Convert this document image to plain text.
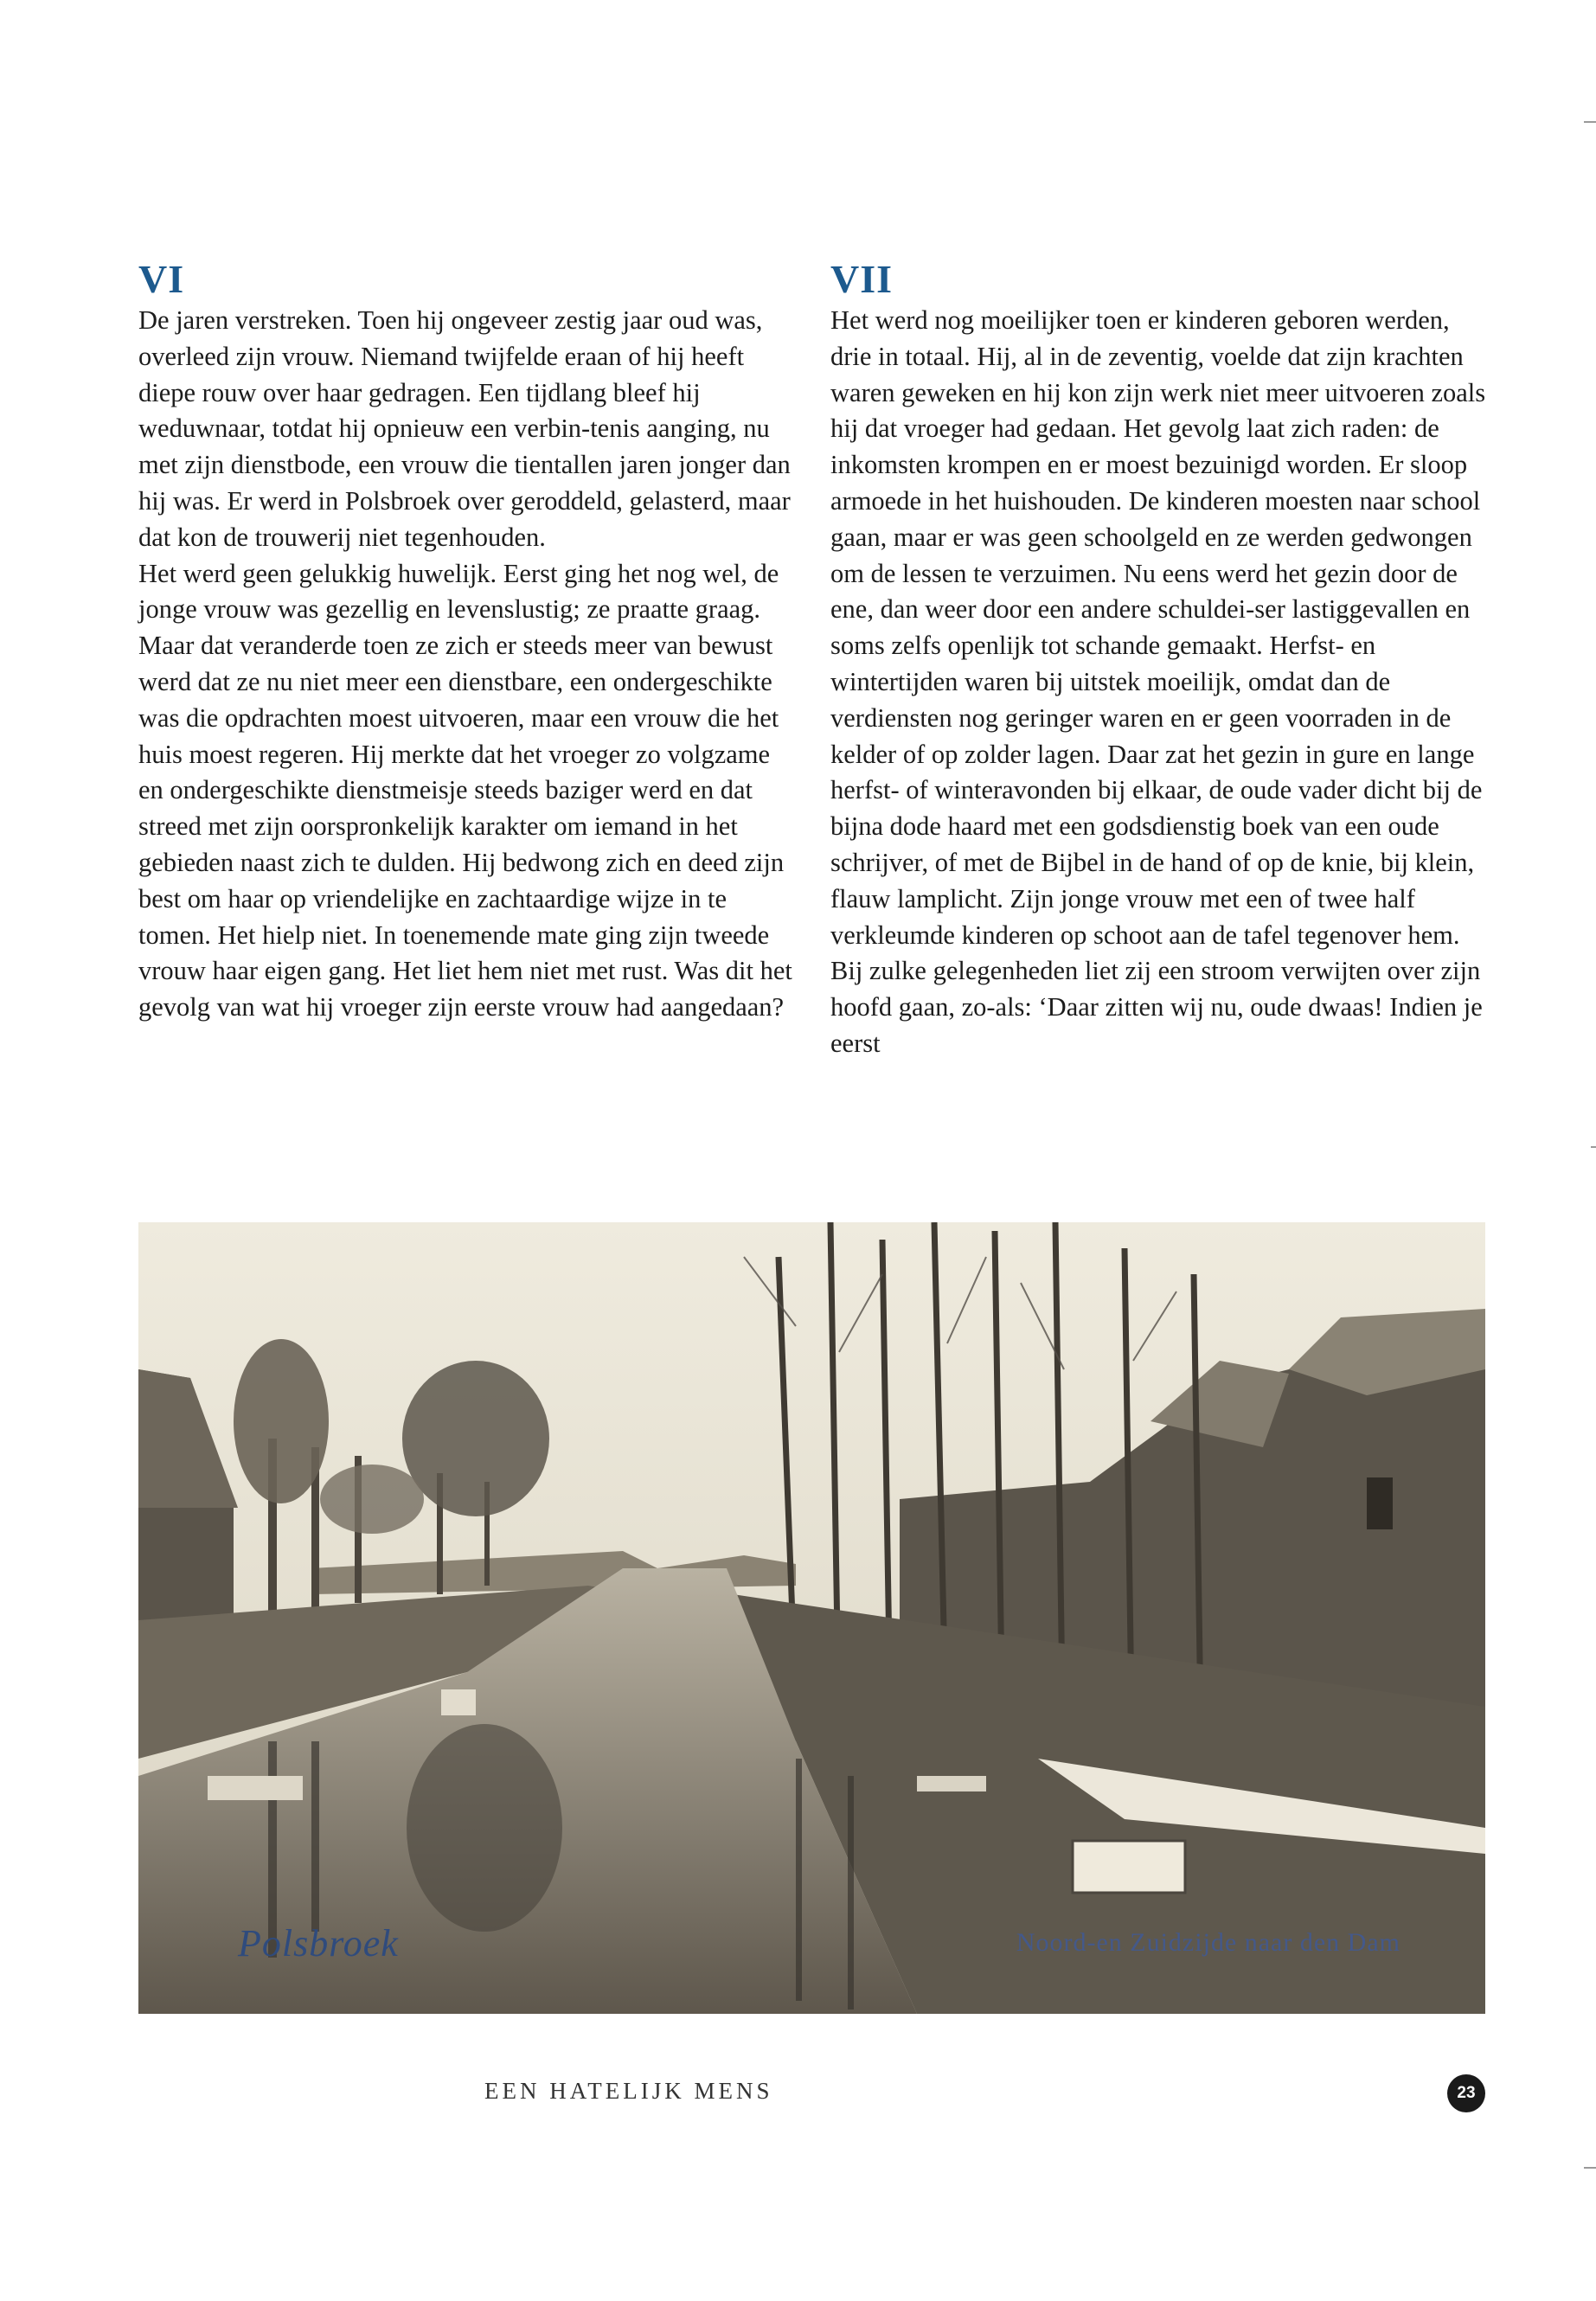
VI

De jaren verstreken. Toen hij ongeveer zestig jaar oud was, overleed zijn vrouw. Niemand twijfelde eraan of hij heeft diepe rouw over haar gedragen. Een tijdlang bleef hij weduwnaar, totdat hij opnieuw een verbin-tenis aanging, nu met zijn dienstbode, een vrouw die tientallen jaren jonger dan hij was. Er werd in Polsbroek over geroddeld, gelasterd, maar dat kon de trouwerij niet tegenhouden.

Het werd geen gelukkig huwelijk. Eerst ging het nog wel, de jonge vrouw was gezellig en levenslustig; ze praatte graag. Maar dat veranderde toen ze zich er steeds meer van bewust werd dat ze nu niet meer een dienstbare, een ondergeschikte was die opdrachten moest uitvoeren, maar een vrouw die het huis moest regeren. Hij merkte dat het vroeger zo volgzame en ondergeschikte dienstmeisje steeds baziger werd en dat streed met zijn oorspronkelijk karakter om iemand in het gebieden naast zich te dulden. Hij bedwong zich en deed zijn best om haar op vriendelijke en zachtaardige wijze in te tomen. Het hielp niet. In toenemende mate ging zijn tweede vrouw haar eigen gang. Het liet hem niet met rust. Was dit het gevolg van wat hij vroeger zijn eerste vrouw had aangedaan?

VII

Het werd nog moeilijker toen er kinderen geboren werden, drie in totaal. Hij, al in de zeventig, voelde dat zijn krachten waren geweken en hij kon zijn werk niet meer uitvoeren zoals hij dat vroeger had gedaan. Het gevolg laat zich raden: de inkomsten krompen en er moest bezuinigd worden. Er sloop armoede in het huishouden. De kinderen moesten naar school gaan, maar er was geen schoolgeld en ze werden gedwongen om de lessen te verzuimen. Nu eens werd het gezin door de ene, dan weer door een andere schuldei-ser lastiggevallen en soms zelfs openlijk tot schande gemaakt. Herfst- en wintertijden waren bij uitstek moeilijk, omdat dan de verdiensten nog geringer waren en er geen voorraden in de kelder of op zolder lagen. Daar zat het gezin in gure en lange herfst- of winteravonden bij elkaar, de oude vader dicht bij de bijna dode haard met een godsdienstig boek van een oude schrijver, of met de Bijbel in de hand of op de knie, bij klein, flauw lamplicht. Zijn jonge vrouw met een of twee half verkleumde kinderen op schoot aan de tafel tegenover hem. Bij zulke gelegenheden liet zij een stroom verwijten over zijn hoofd gaan, zo-als: ‘Daar zitten wij nu, oude dwaas! Indien je eerst

Polsbroek	Noord-en Zuidzijde naar den Dam
EEN HATELIJK MENS	23
